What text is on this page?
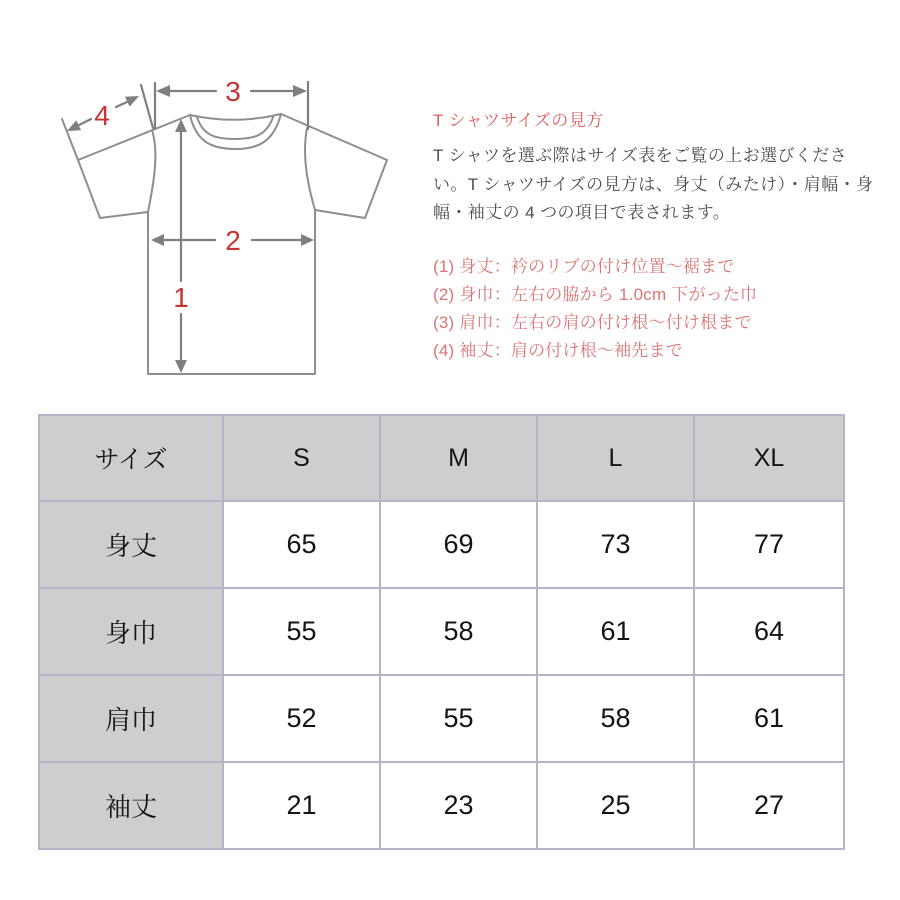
3
4
2
1
T シャツサイズの見方

T シャツを選ぶ際はサイズ表をご覧の上お選びください。T シャツサイズの見方は、身丈（みたけ）・肩幅・身幅・袖丈の 4 つの項目で表されます。

(1) 身丈：衿のリブの付け位置〜裾まで
(2) 身巾：左右の脇から 1.0cm 下がった巾
(3) 肩巾：左右の肩の付け根〜付け根まで
(4) 袖丈：肩の付け根〜袖先まで
サイズ	S	M	L	XL
身丈	65	69	73	77
身巾	55	58	61	64
肩巾	52	55	58	61
袖丈	21	23	25	27
